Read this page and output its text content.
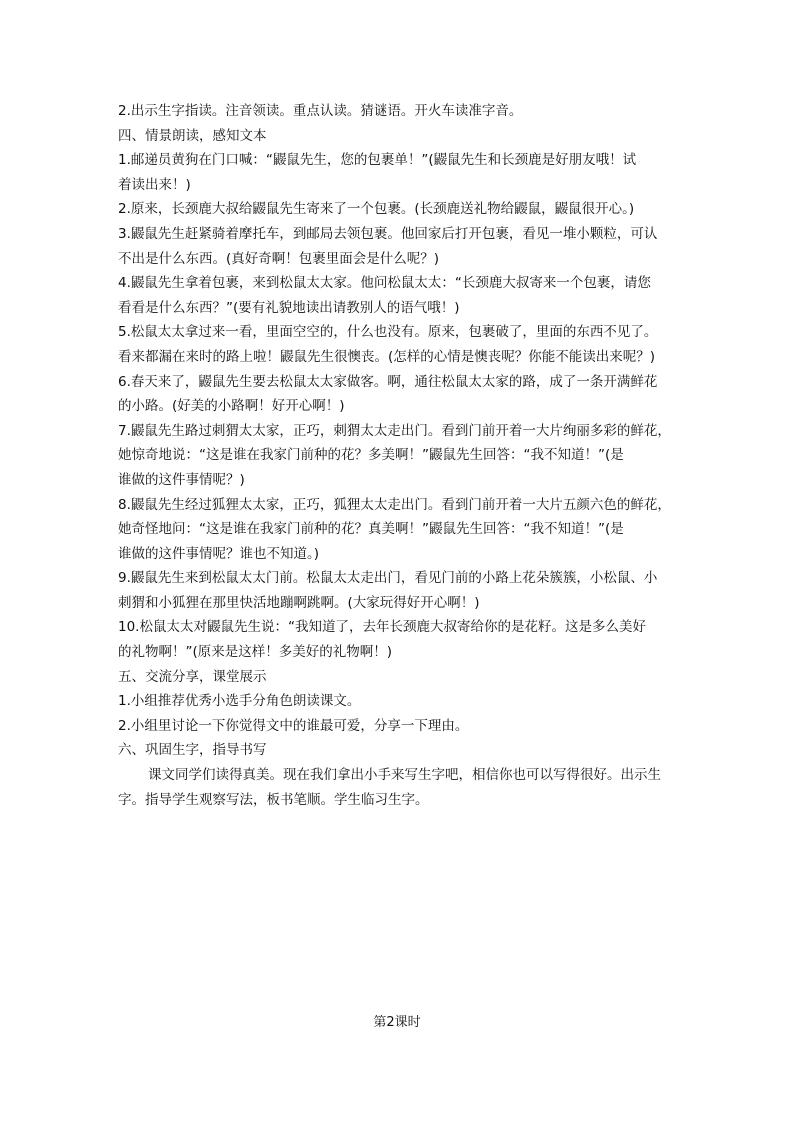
2.出示生字指读。注音领读。重点认读。猜谜语。开火车读准字音。
四、情景朗读，感知文本
1.邮递员黄狗在门口喊：“鼹鼠先生，您的包裹单！”(鼹鼠先生和长颈鹿是好朋友哦！试
着读出来！)
2.原来，长颈鹿大叔给鼹鼠先生寄来了一个包裹。(长颈鹿送礼物给鼹鼠，鼹鼠很开心。)
3.鼹鼠先生赶紧骑着摩托车，到邮局去领包裹。他回家后打开包裹，看见一堆小颗粒，可认
不出是什么东西。(真好奇啊！包裹里面会是什么呢？)
4.鼹鼠先生拿着包裹，来到松鼠太太家。他问松鼠太太：“长颈鹿大叔寄来一个包裹，请您
看看是什么东西？”(要有礼貌地读出请教别人的语气哦！)
5.松鼠太太拿过来一看，里面空空的，什么也没有。原来，包裹破了，里面的东西不见了。
看来都漏在来时的路上啦！鼹鼠先生很懊丧。(怎样的心情是懊丧呢？你能不能读出来呢？)
6.春天来了，鼹鼠先生要去松鼠太太家做客。啊，通往松鼠太太家的路，成了一条开满鲜花
的小路。(好美的小路啊！好开心啊！)
7.鼹鼠先生路过刺猬太太家，正巧，刺猬太太走出门。看到门前开着一大片绚丽多彩的鲜花，
她惊奇地说：“这是谁在我家门前种的花？多美啊！”鼹鼠先生回答：“我不知道！”(是
谁做的这件事情呢？)
8.鼹鼠先生经过狐狸太太家，正巧，狐狸太太走出门。看到门前开着一大片五颜六色的鲜花，
她奇怪地问：“这是谁在我家门前种的花？真美啊！”鼹鼠先生回答：“我不知道！”(是
谁做的这件事情呢？谁也不知道。)
9.鼹鼠先生来到松鼠太太门前。松鼠太太走出门，看见门前的小路上花朵簇簇，小松鼠、小
刺猬和小狐狸在那里快活地蹦啊跳啊。(大家玩得好开心啊！)
10.松鼠太太对鼹鼠先生说：“我知道了，去年长颈鹿大叔寄给你的是花籽。这是多么美好
的礼物啊！”(原来是这样！多美好的礼物啊！)
五、交流分享，课堂展示
1.小组推荐优秀小选手分角色朗读课文。
2.小组里讨论一下你觉得文中的谁最可爱，分享一下理由。
六、巩固生字，指导书写
课文同学们读得真美。现在我们拿出小手来写生字吧，相信你也可以写得很好。出示生
字。指导学生观察写法，板书笔顺。学生临习生字。
第2课时
